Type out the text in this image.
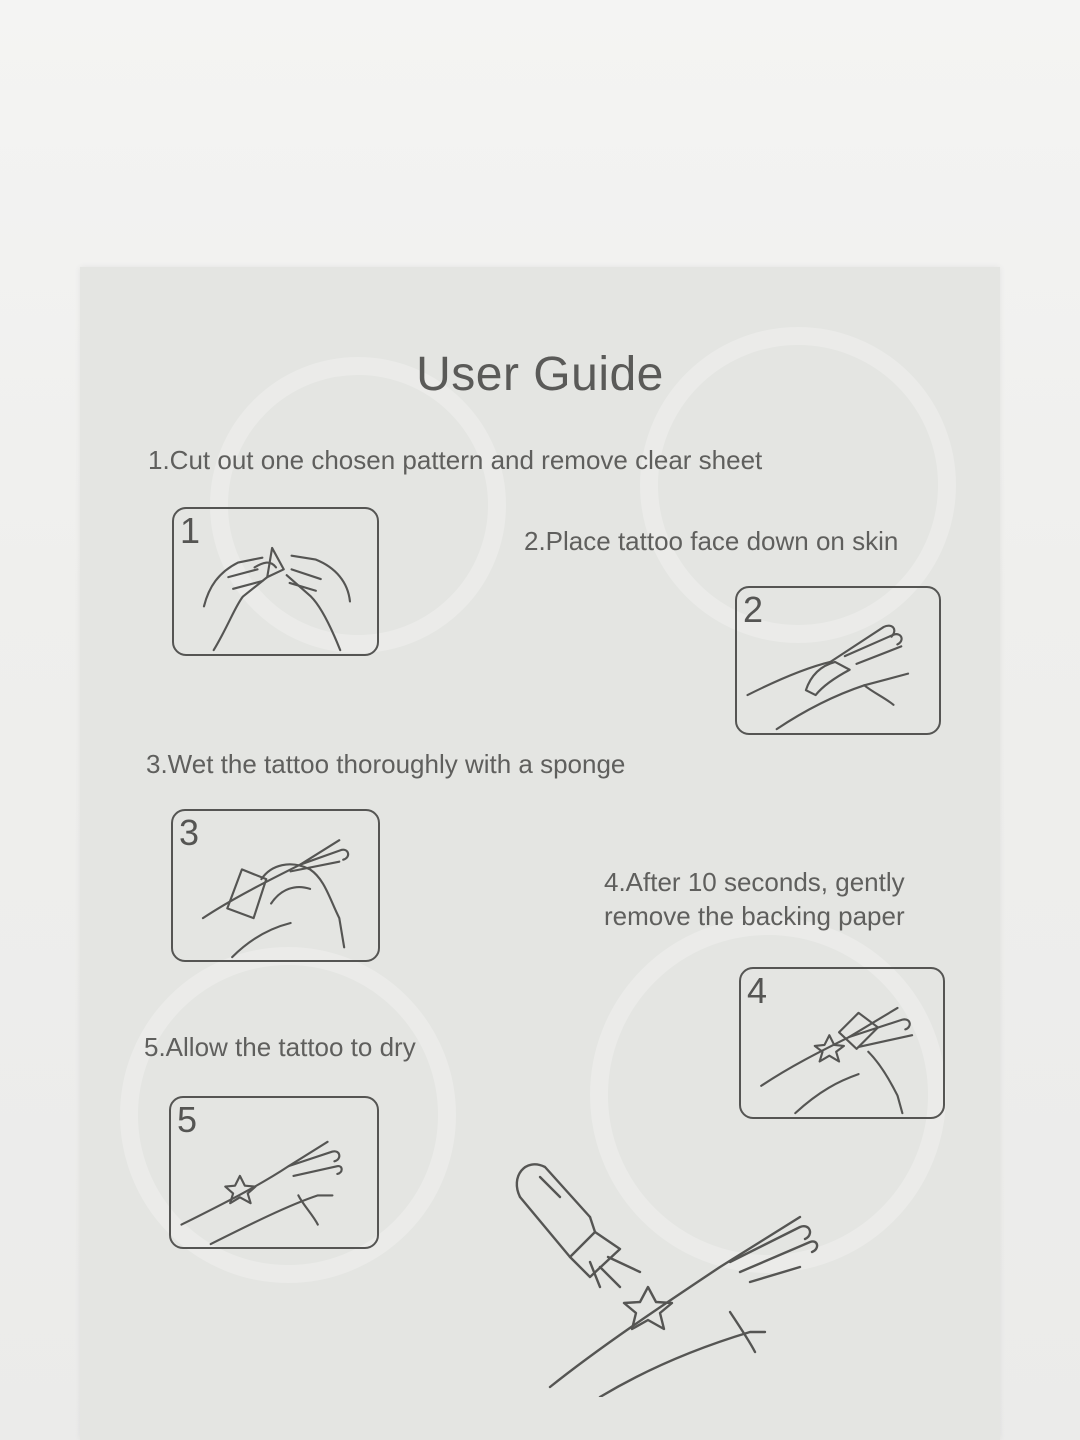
User Guide
1.Cut out one chosen pattern and remove clear sheet
1	2.Place tattoo face down on skin
2
3.Wet the tattoo thoroughly with a sponge
3
4.After 10 seconds, gently
remove the backing paper
4
5.Allow the tattoo to dry
5
